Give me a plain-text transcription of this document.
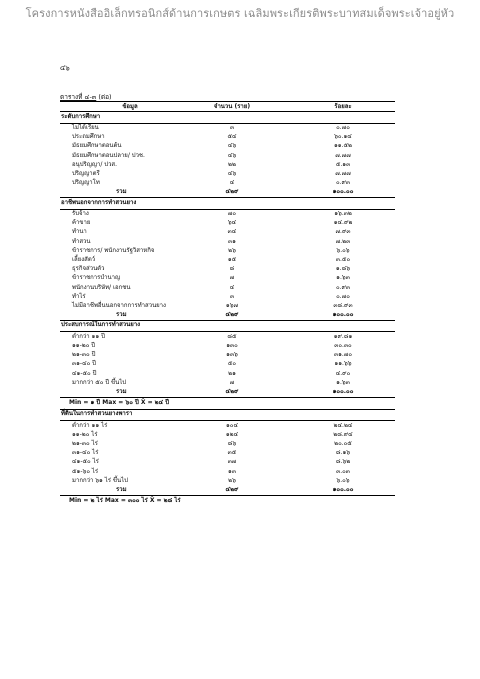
โครงการหนังสืออิเล็กทรอนิกส์ด้านการเกษตร เฉลิมพระเกียรติพระบาทสมเด็จพระเจ้าอยู่หัว
๔๖
ตารางที่ ๔-๓ (ต่อ)
ข้อมูล	จำนวน (ราย)	ร้อยละ
ระดับการศึกษา
ไม่ได้เรียน	๓	๐.๗๐
ประถมศึกษา	๕๔	๖๐.๑๔
มัธยมศึกษาตอนต้น	๔๖	๑๑.๕๒
มัธยมศึกษาตอนปลาย/ ปวช.	๔๖	๗.๗๗
อนุปริญญา/ ปวส.	๒๒	๕.๑๓
ปริญญาตรี	๔๖	๗.๗๗
ปริญญาโท	๔	๐.๙๓
รวม	๔๒๙	๑๐๐.๐๐
อาชีพนอกจากการทำสวนยาง
รับจ้าง	๗๐	๑๖.๓๒
ค้าขาย	๖๔	๑๔.๙๒
ทำนา	๓๔	๗.๙๓
ทำสวน	๓๑	๗.๒๓
ข้าราชการ/ พนักงานรัฐวิสาหกิจ	๒๖	๖.๐๖
เลี้ยงสัตว์	๑๕	๓.๕๐
ธุรกิจส่วนตัว	๘	๑.๘๖
ข้าราชการบำนาญ	๗	๑.๖๓
พนักงานบริษัท/ เอกชน	๔	๐.๙๓
ทำไร่	๓	๐.๗๐
ไม่มีอาชีพอื่นนอกจากการทำสวนยาง	๑๖๗	๓๘.๙๓
รวม	๔๒๙	๑๐๐.๐๐
ประสบการณ์ในการทำสวนยาง
ต่ำกว่า ๑๑ ปี	๘๕	๑๙.๘๑
๑๑-๒๐ ปี	๑๓๐	๓๐.๓๐
๒๑-๓๐ ปี	๑๓๖	๓๑.๗๐
๓๑-๔๐ ปี	๕๐	๑๑.๖๖
๔๑-๕๐ ปี	๒๑	๔.๙๐
มากกว่า ๕๐ ปี ขึ้นไป	๗	๑.๖๓
รวม	๔๒๙	๑๐๐.๐๐
Min = ๑ ปี Max = ๖๐ ปี X̄ = ๒๔ ปี
ที่ดินในการทำสวนยางพารา
ต่ำกว่า ๑๑ ไร่	๑๐๔	๒๔.๒๔
๑๑-๒๐ ไร่	๑๒๔	๒๘.๙๔
๒๑-๓๐ ไร่	๘๖	๒๐.๐๕
๓๑-๔๐ ไร่	๓๕	๘.๑๖
๔๑-๕๐ ไร่	๓๗	๘.๖๒
๕๑-๖๐ ไร่	๑๓	๓.๐๓
มากกว่า ๖๑ ไร่ ขึ้นไป	๒๖	๖.๐๖
รวม	๔๒๙	๑๐๐.๐๐
Min = ๒ ไร่ Max = ๓๐๐ ไร่ X̄ = ๒๘ ไร่
